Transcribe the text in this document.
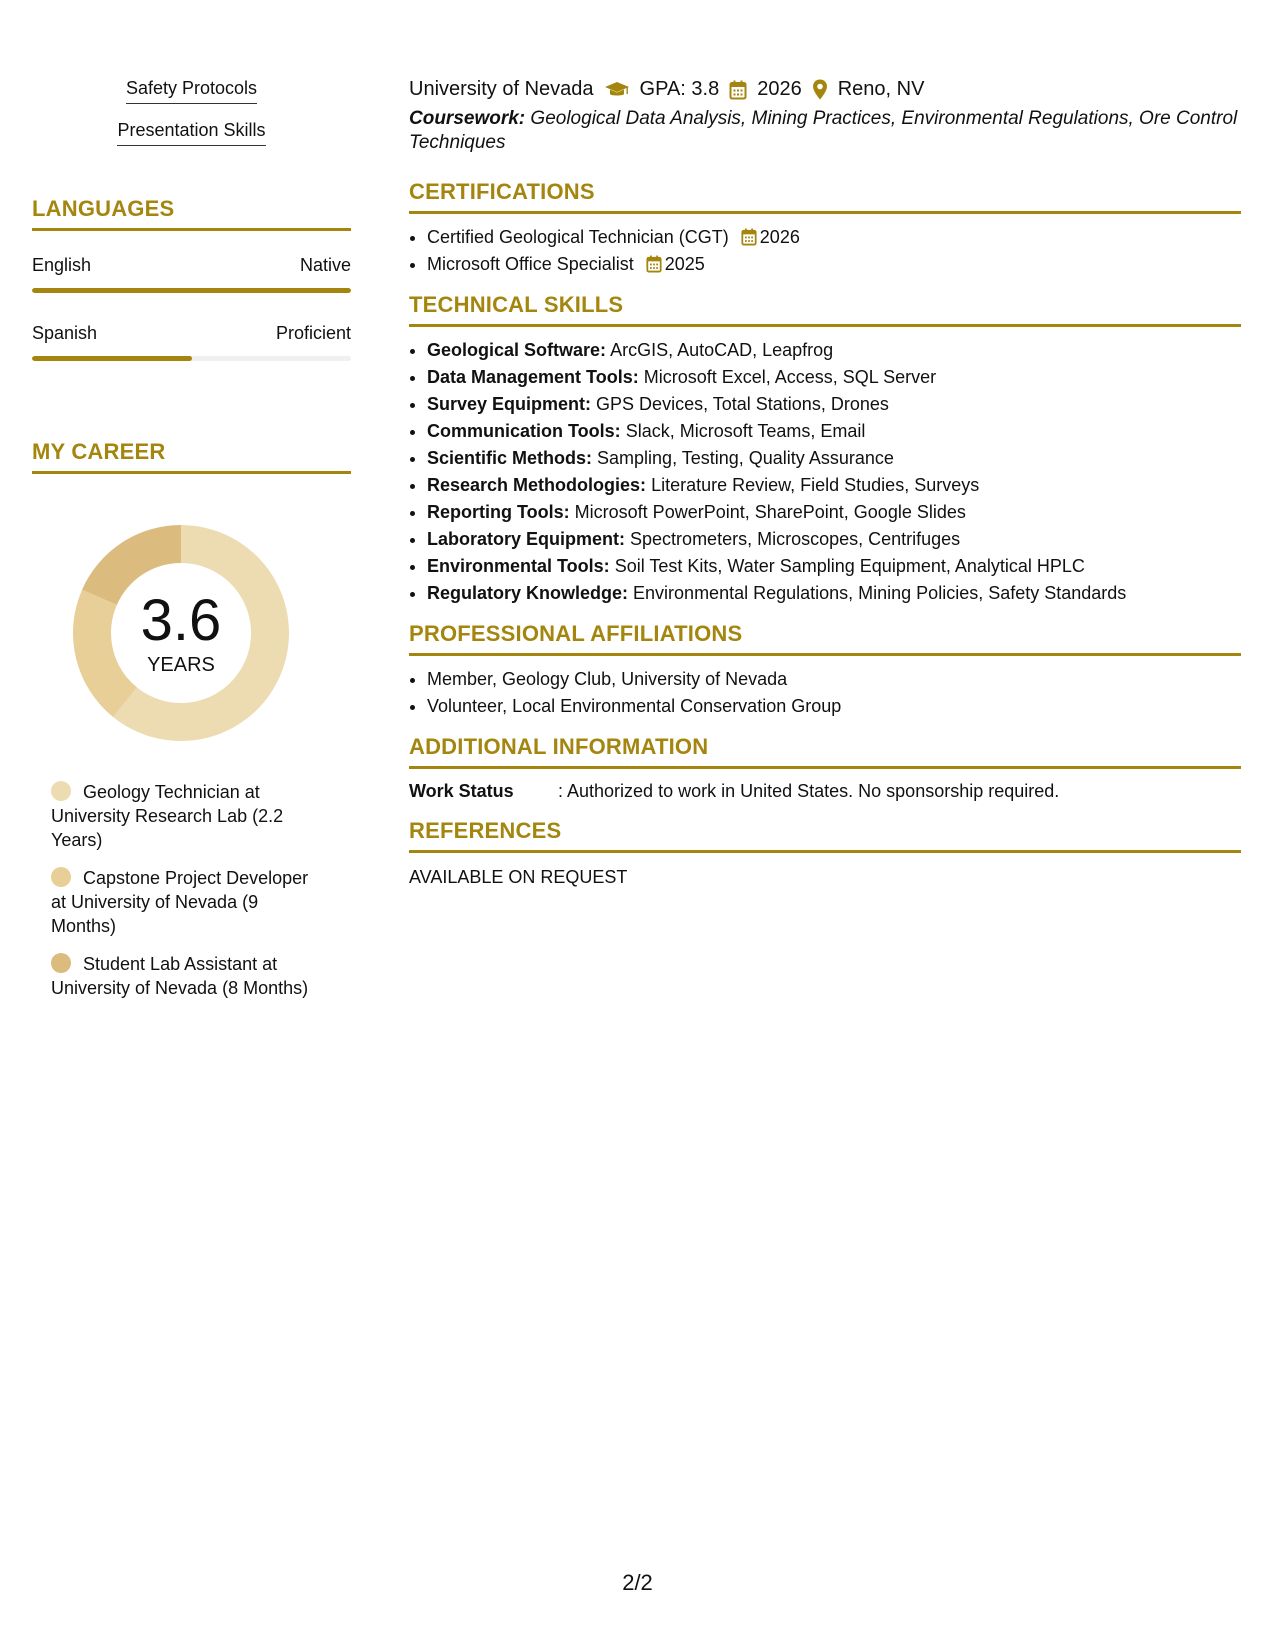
Safety Protocols
Presentation Skills
LANGUAGES
English	Native
Spanish	Proficient
MY CAREER
3.6
YEARS
Geology Technician at University Research Lab (2.2 Years)
Capstone Project Developer at University of Nevada (9 Months)
Student Lab Assistant at University of Nevada (8 Months)
University of Nevada GPA: 3.8 2026 Reno, NV
Coursework: Geological Data Analysis, Mining Practices, Environmental Regulations, Ore Control Techniques
CERTIFICATIONS
• Certified Geological Technician (CGT) 2026
• Microsoft Office Specialist 2025
TECHNICAL SKILLS
• Geological Software: ArcGIS, AutoCAD, Leapfrog
• Data Management Tools: Microsoft Excel, Access, SQL Server
• Survey Equipment: GPS Devices, Total Stations, Drones
• Communication Tools: Slack, Microsoft Teams, Email
• Scientific Methods: Sampling, Testing, Quality Assurance
• Research Methodologies: Literature Review, Field Studies, Surveys
• Reporting Tools: Microsoft PowerPoint, SharePoint, Google Slides
• Laboratory Equipment: Spectrometers, Microscopes, Centrifuges
• Environmental Tools: Soil Test Kits, Water Sampling Equipment, Analytical HPLC
• Regulatory Knowledge: Environmental Regulations, Mining Policies, Safety Standards
PROFESSIONAL AFFILIATIONS
• Member, Geology Club, University of Nevada
• Volunteer, Local Environmental Conservation Group
ADDITIONAL INFORMATION
Work Status	: Authorized to work in United States. No sponsorship required.
REFERENCES
AVAILABLE ON REQUEST
2/2
